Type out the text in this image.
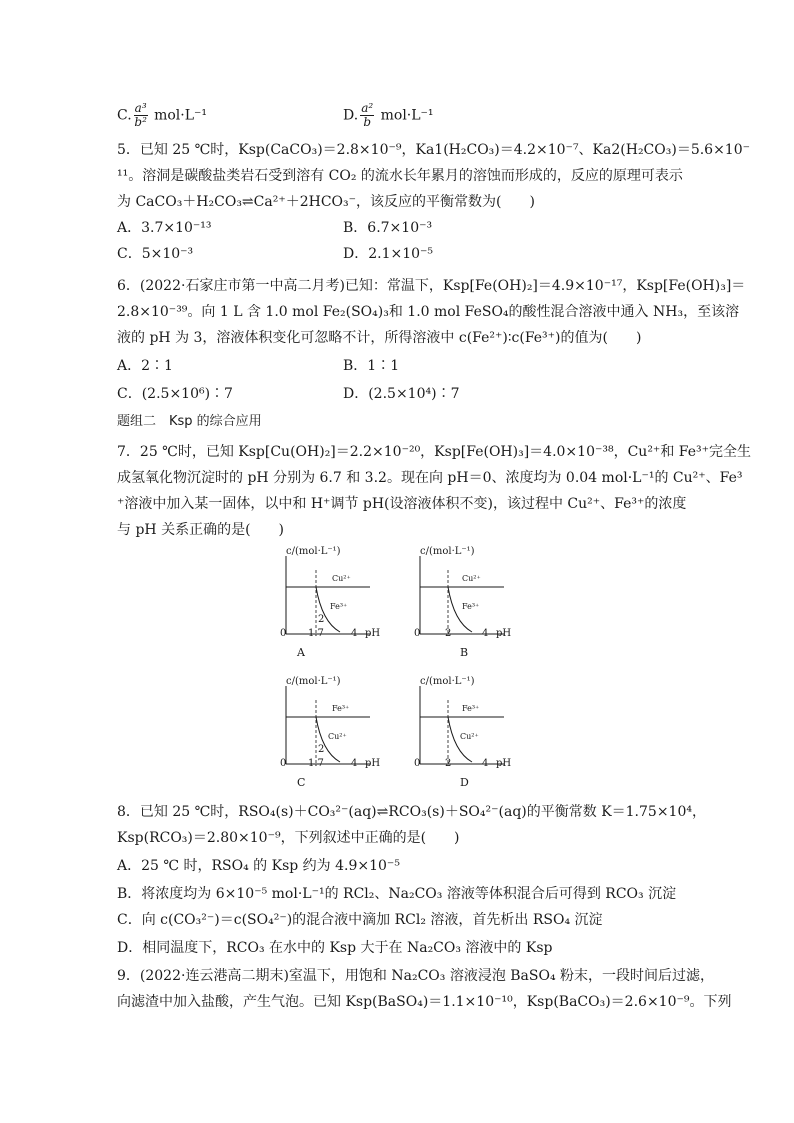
C. $\frac{\text{a³}}{\text{b²}} mol\cdot L^{-1}$	D. $\frac{\text{a²}}{b} mol\cdot L^{-1}$
5．已知 25 ℃时，Ksp(CaCO₃)＝2.8×10⁻⁹，Ka1(H₂CO₃)＝4.2×10⁻⁷、Ka2(H₂CO₃)＝5.6×10⁻
¹¹。溶洞是碳酸盐类岩石受到溶有 CO₂ 的流水长年累月的溶蚀而形成的，反应的原理可表示
为 CaCO₃＋H₂CO₃⇌Ca²⁺＋2HCO₃⁻，该反应的平衡常数为(　　)
A．3.7×10⁻¹³	B．6.7×10⁻³
C．5×10⁻³	D．2.1×10⁻⁵
6．(2022·石家庄市第一中高二月考)已知：常温下，Ksp[Fe(OH)₂]＝4.9×10⁻¹⁷，Ksp[Fe(OH)₃]＝
2.8×10⁻³⁹。向 1 L 含 1.0 mol Fe₂(SO₄)₃和 1.0 mol FeSO₄的酸性混合溶液中通入 NH₃，至该溶
液的 pH 为 3，溶液体积变化可忽略不计，所得溶液中 c(Fe²⁺)∶c(Fe³⁺)的值为(　　)
A．2∶1	B．1∶1
C．(2.5×10⁶)∶7	D．(2.5×10⁴)∶7
题组二　Ksp 的综合应用
7．25 ℃时，已知 Ksp[Cu(OH)₂]＝2.2×10⁻²⁰，Ksp[Fe(OH)₃]＝4.0×10⁻³⁸，Cu²⁺和 Fe³⁺完全生
成氢氧化物沉淀时的 pH 分别为 6.7 和 3.2。现在向 pH＝0、浓度均为 0.04 mol·L⁻¹的 Cu²⁺、Fe³
⁺溶液中加入某一固体，以中和 H⁺调节 pH(设溶液体积不变)，该过程中 Cu²⁺、Fe³⁺的浓度
与 pH 关系正确的是(　　)
c/(mol·L⁻¹)
Cu²⁺
Fe³⁺
2
0 1.7	4 pH
A
c/(mol·L⁻¹)
Cu²⁺
Fe³⁺
0 2	4 pH
B
c/(mol·L⁻¹)
Fe³⁺
Cu²⁺
2
0 1.7	4 pH
C
c/(mol·L⁻¹)
Fe³⁺
Cu²⁺
0 2	4 pH
D
8．已知 25 ℃时，RSO₄(s)＋CO₃²⁻(aq)⇌RCO₃(s)＋SO₄²⁻(aq)的平衡常数 K＝1.75×10⁴，
Ksp(RCO₃)＝2.80×10⁻⁹，下列叙述中正确的是(　　)
A．25 ℃ 时，RSO₄ 的 Ksp 约为 4.9×10⁻⁵
B．将浓度均为 6×10⁻⁵ mol·L⁻¹的 RCl₂、Na₂CO₃ 溶液等体积混合后可得到 RCO₃ 沉淀
C．向 c(CO₃²⁻)＝c(SO₄²⁻)的混合液中滴加 RCl₂ 溶液，首先析出 RSO₄ 沉淀
D．相同温度下，RCO₃ 在水中的 Ksp 大于在 Na₂CO₃ 溶液中的 Ksp
9．(2022·连云港高二期末)室温下，用饱和 Na₂CO₃ 溶液浸泡 BaSO₄ 粉末，一段时间后过滤，
向滤渣中加入盐酸，产生气泡。已知 Ksp(BaSO₄)＝1.1×10⁻¹⁰，Ksp(BaCO₃)＝2.6×10⁻⁹。下列
